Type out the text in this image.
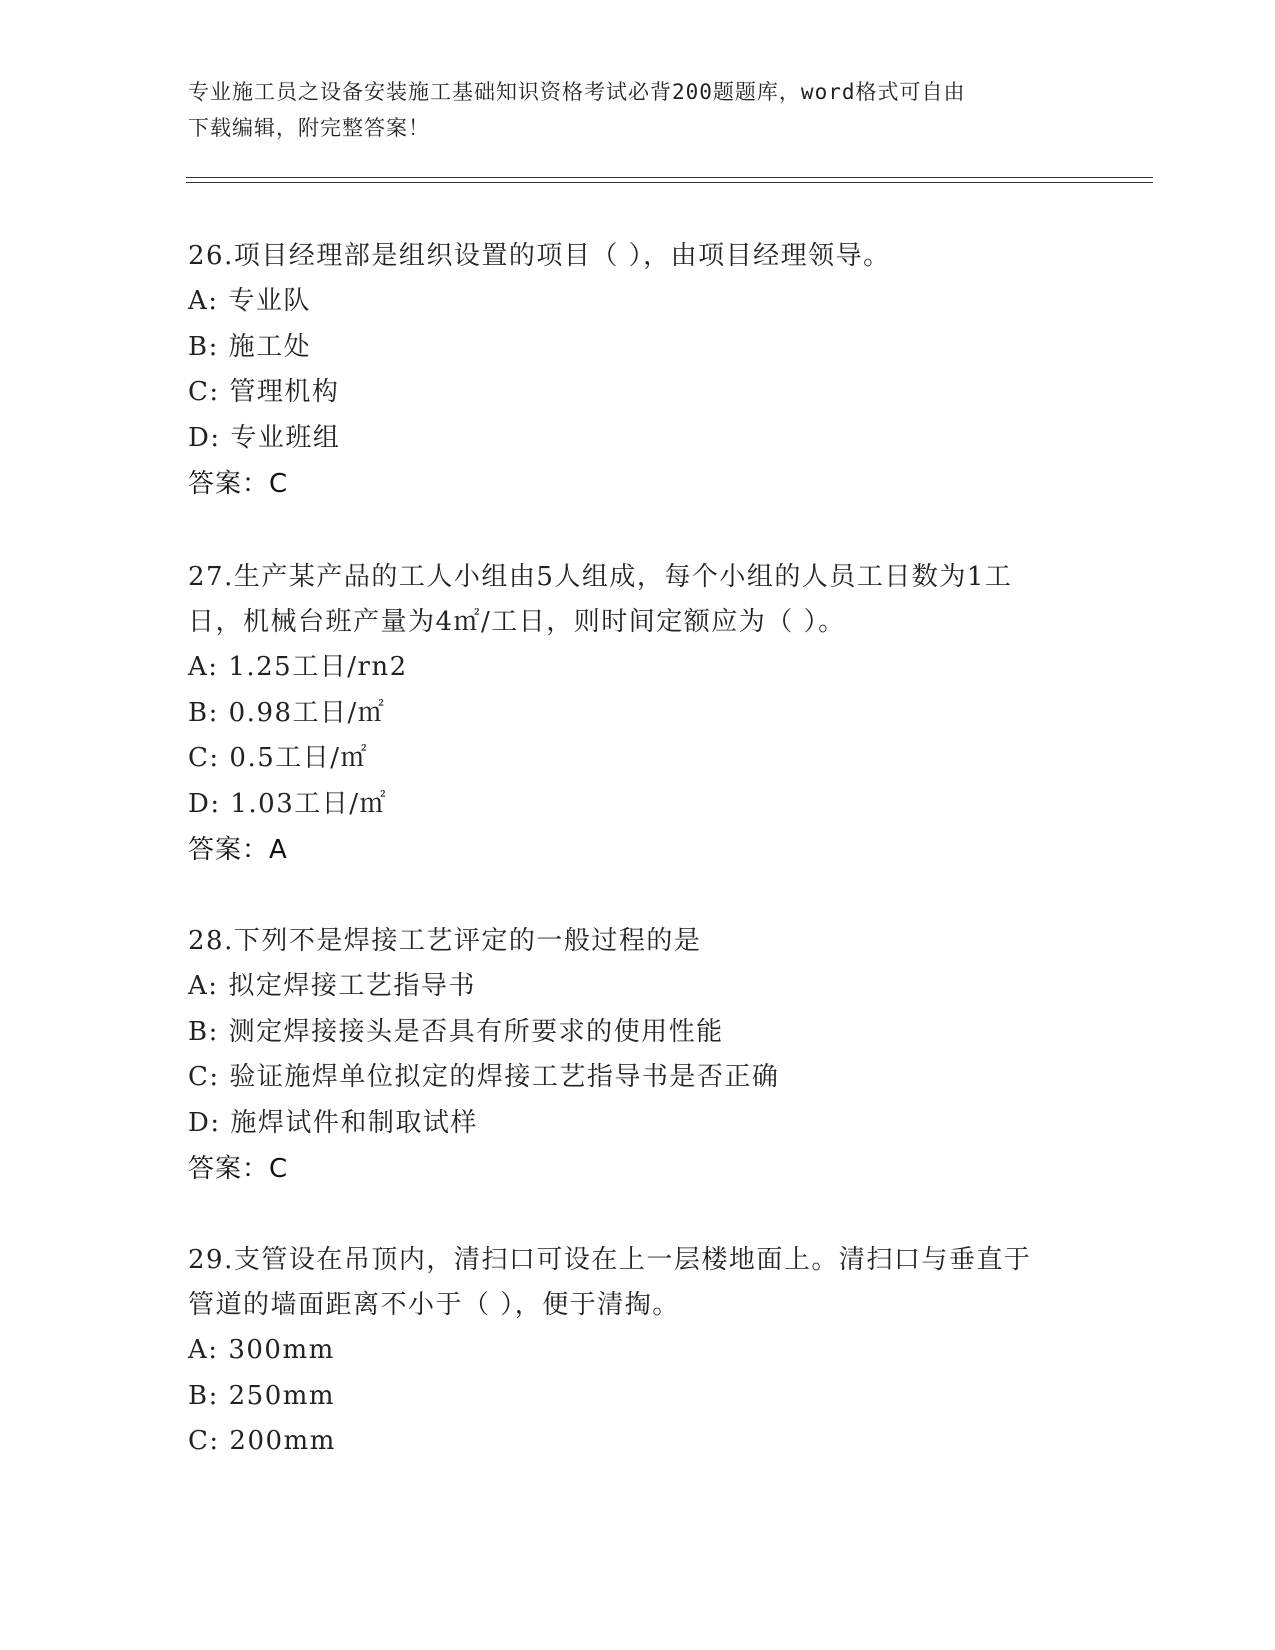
专业施工员之设备安装施工基础知识资格考试必背200题题库，word格式可自由
下载编辑，附完整答案！

26.项目经理部是组织设置的项目（ ），由项目经理领导。

A: 专业队

B: 施工处

C: 管理机构

D: 专业班组

答案：C

27.生产某产品的工人小组由5人组成，每个小组的人员工日数为1工

日，机械台班产量为4㎡/工日，则时间定额应为（ ）。

A: 1.25工日/rn2

B: 0.98工日/㎡

C: 0.5工日/㎡

D: 1.03工日/㎡

答案：A

28.下列不是焊接工艺评定的一般过程的是

A: 拟定焊接工艺指导书

B: 测定焊接接头是否具有所要求的使用性能

C: 验证施焊单位拟定的焊接工艺指导书是否正确

D: 施焊试件和制取试样

答案：C

29.支管设在吊顶内，清扫口可设在上一层楼地面上。清扫口与垂直于

管道的墙面距离不小于（ ），便于清掏。

A: 300mm

B: 250mm

C: 200mm
